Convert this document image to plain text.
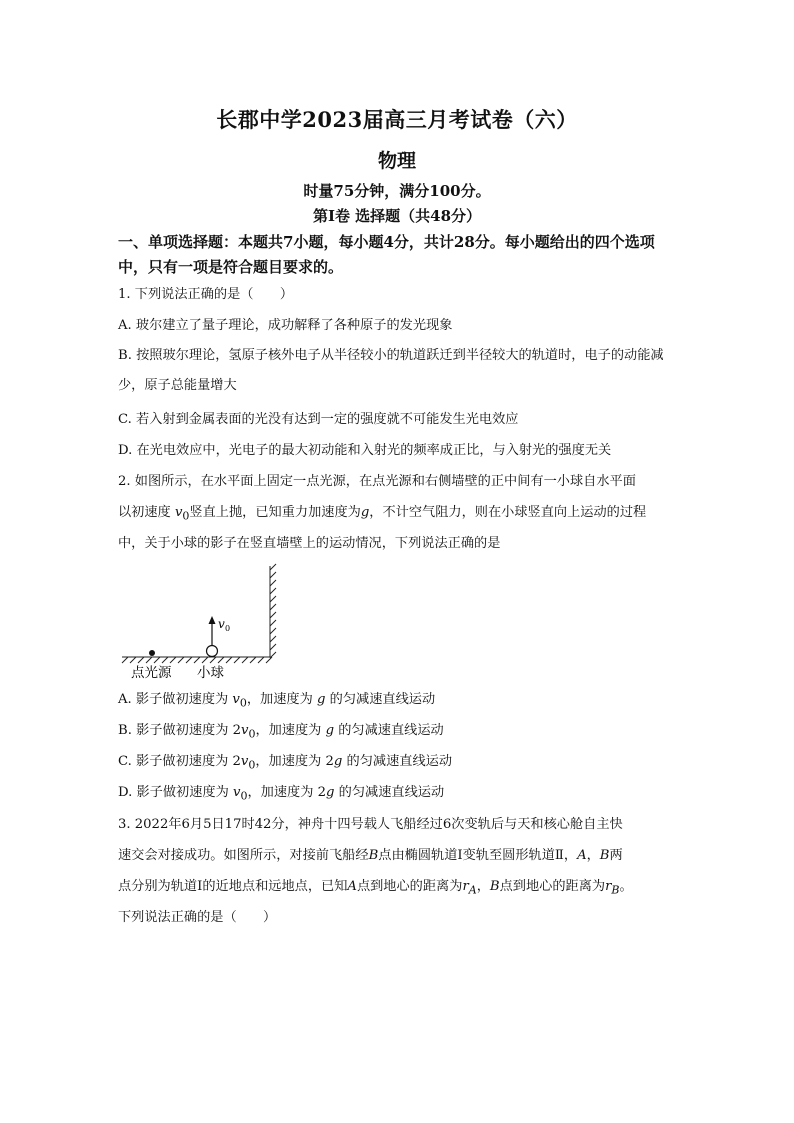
长郡中学2023届高三月考试卷（六）
物理
时量75分钟，满分100分。
第Ⅰ卷 选择题（共48分）
一、单项选择题：本题共7小题，每小题4分，共计28分。每小题给出的四个选项中，只有一项是符合题目要求的。
1. 下列说法正确的是（　　）
A. 玻尔建立了量子理论，成功解释了各种原子的发光现象
B. 按照玻尔理论，氢原子核外电子从半径较小的轨道跃迁到半径较大的轨道时，电子的动能减少，原子总能量增大
C. 若入射到金属表面的光没有达到一定的强度就不可能发生光电效应
D. 在光电效应中，光电子的最大初动能和入射光的频率成正比，与入射光的强度无关
2. 如图所示，在水平面上固定一点光源，在点光源和右侧墙壁的正中间有一小球自水平面
以初速度 $v_0$竖直上抛，已知重力加速度为g，不计空气阻力，则在小球竖直向上运动的过程
中，关于小球的影子在竖直墙壁上的运动情况，下列说法正确的是
v 0
点光源 小球
A. 影子做初速度为 $v_0$，加速度为 g 的匀减速直线运动
B. 影子做初速度为 $2v_0$，加速度为 g 的匀减速直线运动
C. 影子做初速度为 $2v_0$，加速度为 2g 的匀减速直线运动
D. 影子做初速度为 $v_0$，加速度为 2g 的匀减速直线运动
3. 2022年6月5日17时42分，神舟十四号载人飞船经过6次变轨后与天和核心舱自主快
速交会对接成功。如图所示，对接前飞船经B点由椭圆轨道Ⅰ变轨至圆形轨道Ⅱ，A，B两
点分别为轨道Ⅰ的近地点和远地点，已知A点到地心的距离为$r_A$，B点到地心的距离为$r_B$。
下列说法正确的是（　　）
